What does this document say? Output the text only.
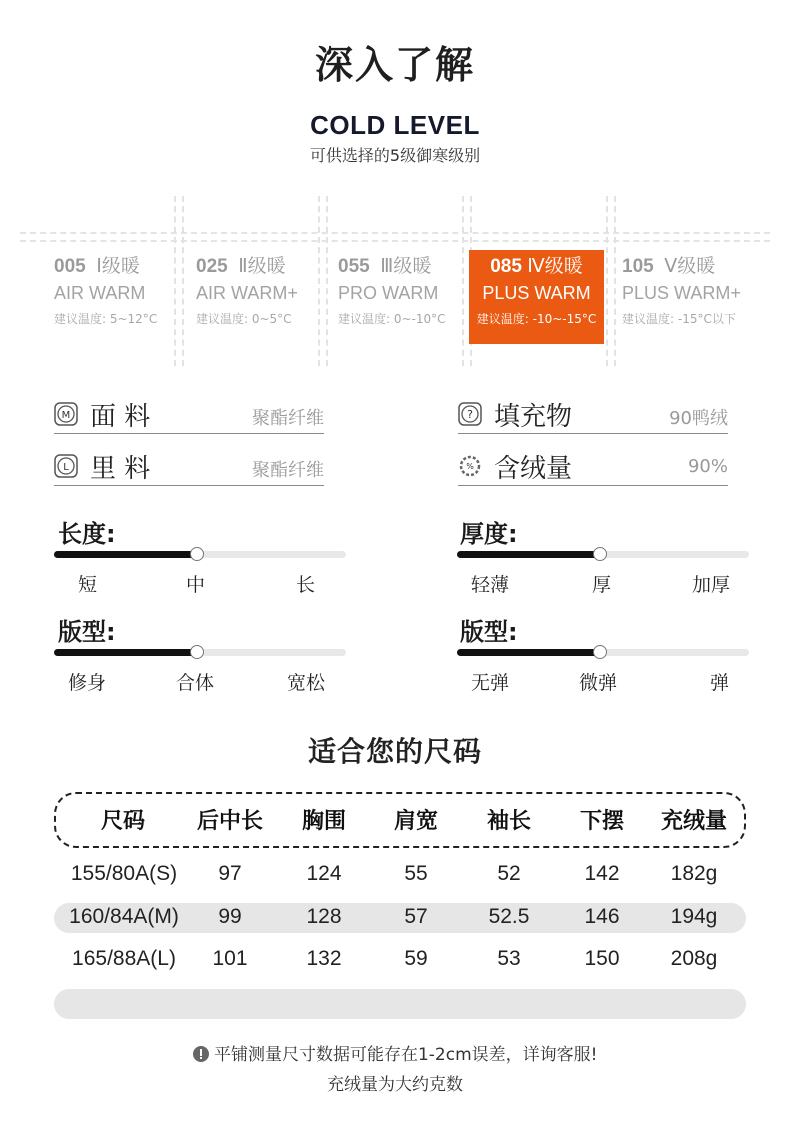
深入了解
COLD LEVEL
可供选择的5级御寒级别
005 Ⅰ级暖
AIR WARM
建议温度: 5~12°C
025 Ⅱ级暖
AIR WARM+
建议温度: 0~5°C
055 Ⅲ级暖
PRO WARM
建议温度: 0~-10°C
085 Ⅳ级暖
PLUS WARM
建议温度: -10~-15°C
105 Ⅴ级暖
PLUS WARM+
建议温度: -15°C以下
M 面 料	聚酯纤维
L 里 料	聚酯纤维
? 填充物	90鸭绒
% 含绒量	90%
长度:
短	中	长
厚度:
轻薄	厚	加厚
版型:
修身	合体	宽松
版型:
无弹	微弹	弹
适合您的尺码
尺码	后中长	胸围	肩宽	袖长	下摆	充绒量
155/80A(S)	97	124	55	52	142	182g
160/84A(M)	99	128	57	52.5	146	194g
165/88A(L)	101	132	59	53	150	208g
平铺测量尺寸数据可能存在1-2cm误差，详询客服!
充绒量为大约克数
